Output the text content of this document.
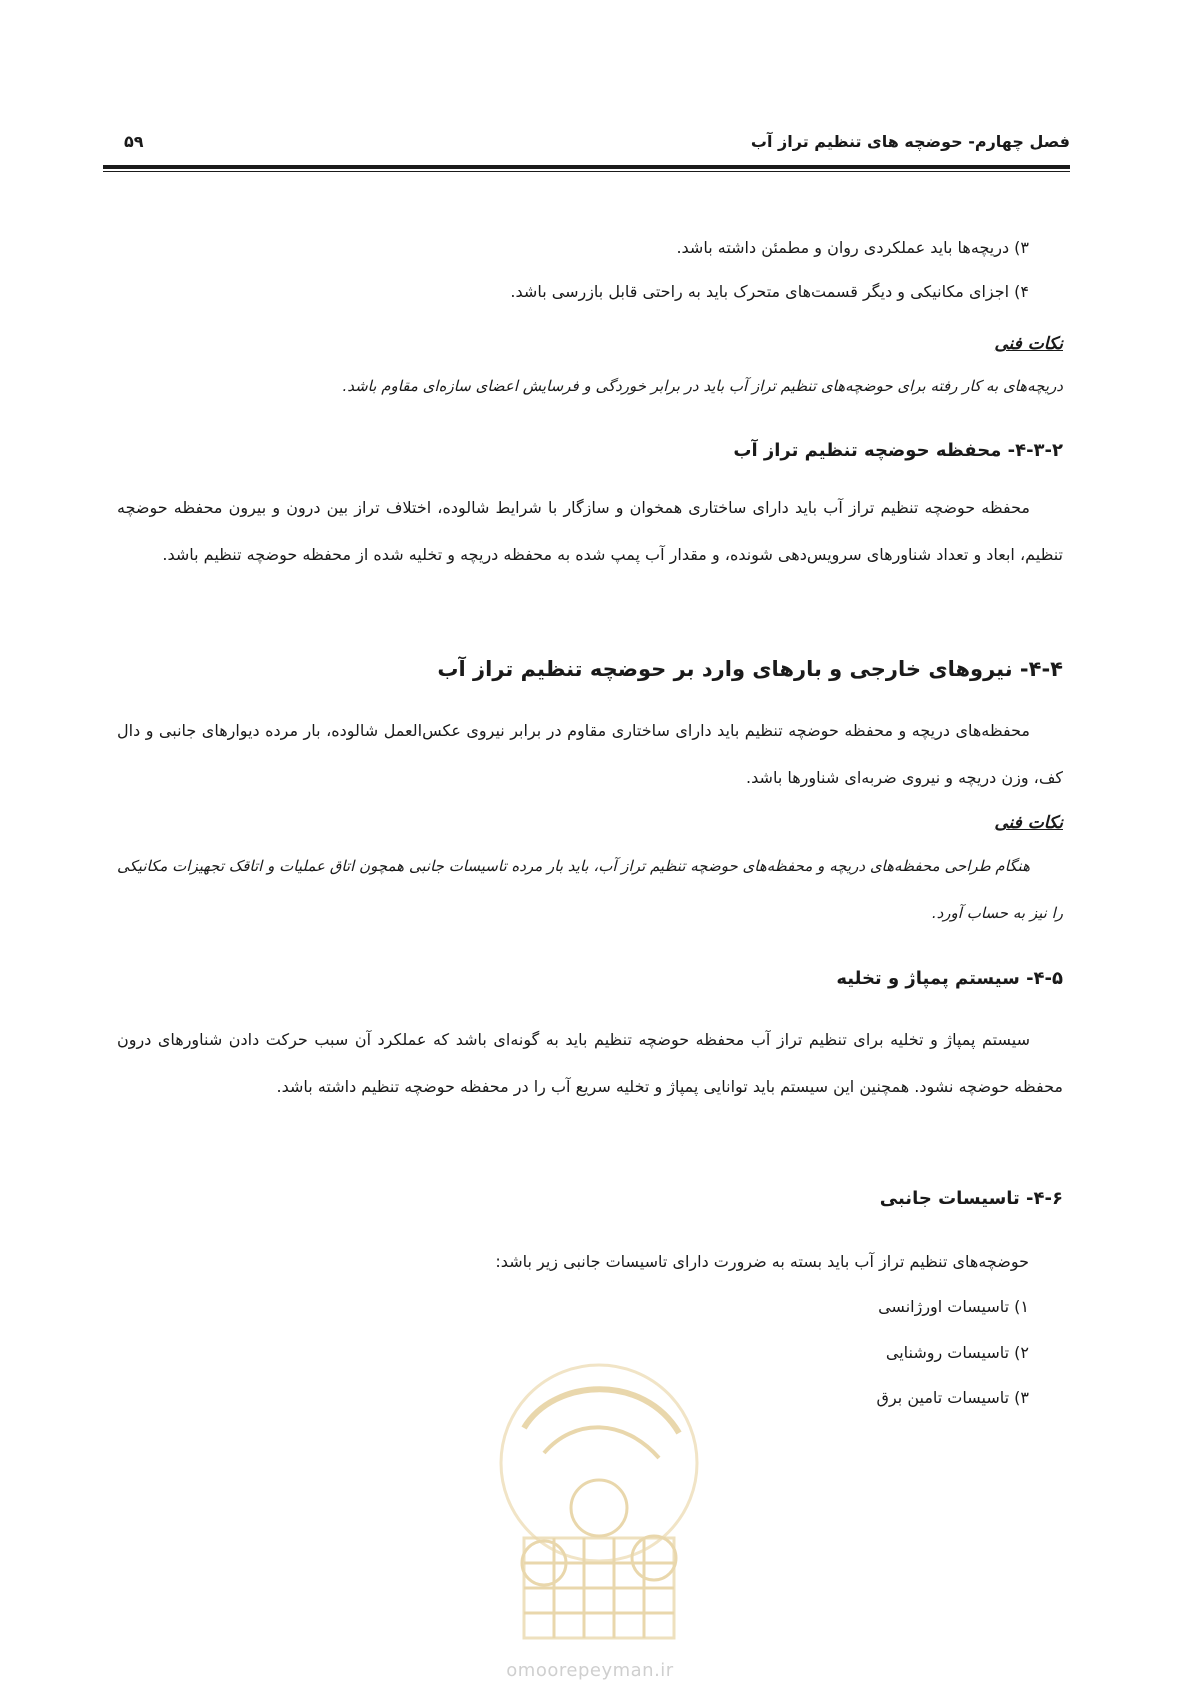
فصل چهارم- حوضچه های تنظیم تراز آب
۵۹

۳) دریچه‌ها باید عملکردی روان و مطمئن داشته باشد.

۴) اجزای مکانیکی و دیگر قسمت‌های متحرک باید به راحتی قابل بازرسی باشد.

نکات فنی

دریچه‌های به کار رفته برای حوضچه‌های تنظیم تراز آب باید در برابر خوردگی و فرسایش اعضای سازه‌ای مقاوم باشد.

۴-۳-۲- محفظه حوضچه تنظیم تراز آب

محفظه حوضچه تنظیم تراز آب باید دارای ساختاری همخوان و سازگار با شرایط شالوده، اختلاف تراز بین درون و بیرون محفظه حوضچه تنظیم، ابعاد و تعداد شناورهای سرویس‌دهی شونده، و مقدار آب پمپ شده به محفظه دریچه و تخلیه شده از محفظه حوضچه تنظیم باشد.

۴-۴- نیروهای خارجی و بارهای وارد بر حوضچه تنظیم تراز آب

محفظه‌های دریچه و محفظه حوضچه تنظیم باید دارای ساختاری مقاوم در برابر نیروی عکس‌العمل شالوده، بار مرده دیوارهای جانبی و دال کف، وزن دریچه و نیروی ضربه‌ای شناورها باشد.

نکات فنی

هنگام طراحی محفظه‌های دریچه و محفظه‌های حوضچه تنظیم تراز آب، باید بار مرده تاسیسات جانبی همچون اتاق عملیات و اتاقک تجهیزات مکانیکی را نیز به حساب آورد.

۴-۵- سیستم پمپاژ و تخلیه

سیستم پمپاژ و تخلیه برای تنظیم تراز آب محفظه حوضچه تنظیم باید به گونه‌ای باشد که عملکرد آن سبب حرکت دادن شناورهای درون محفظه حوضچه نشود. همچنین این سیستم باید توانایی پمپاژ و تخلیه سریع آب را در محفظه حوضچه تنظیم داشته باشد.

۴-۶- تاسیسات جانبی

حوضچه‌های تنظیم تراز آب باید بسته به ضرورت دارای تاسیسات جانبی زیر باشد:

۱) تاسیسات اورژانسی

۲) تاسیسات روشنایی

۳) تاسیسات تامین برق

omoorepeyman.ir
